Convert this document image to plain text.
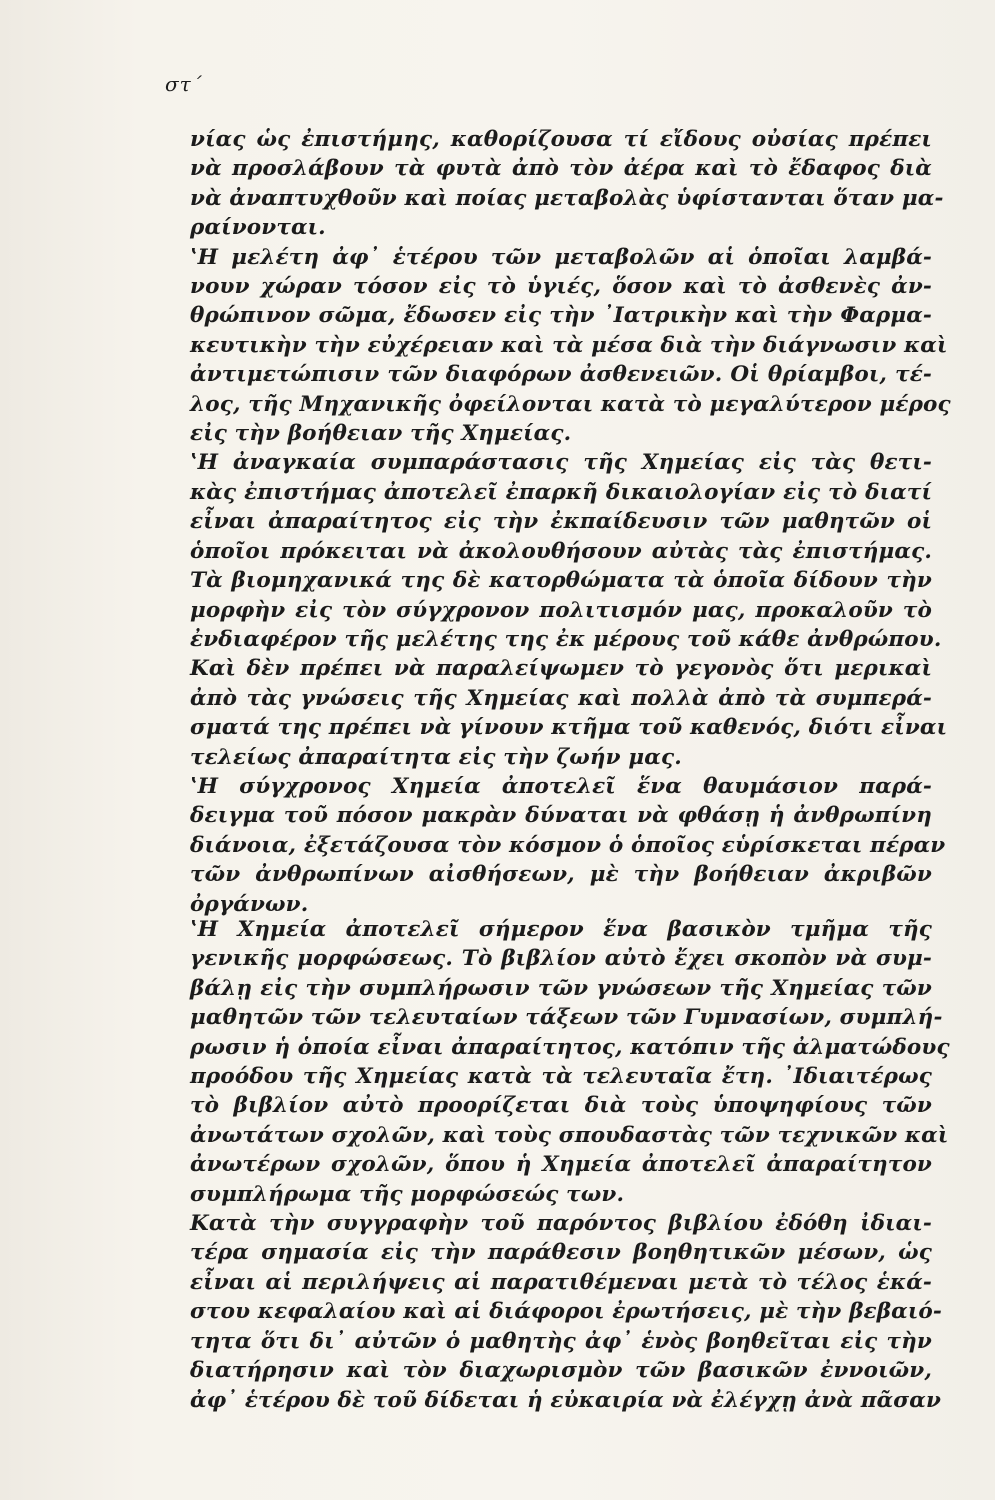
στ΄
νίας ὡς ἐπιστήμης, καθορίζουσα τί εἴδους οὐσίας πρέπει
νὰ προσλάβουν τὰ φυτὰ ἀπὸ τὸν ἀέρα καὶ τὸ ἔδαφος διὰ
νὰ ἀναπτυχθοῦν καὶ ποίας μεταβολὰς ὑφίστανται ὅταν μα-
ραίνονται.
ʽΗ μελέτη ἀφ᾽ ἑτέρου τῶν μεταβολῶν αἱ ὁποῖαι λαμβά-
νουν χώραν τόσον εἰς τὸ ὑγιές, ὅσον καὶ τὸ ἀσθενὲς ἀν-
θρώπινον σῶμα, ἔδωσεν εἰς τὴν ᾽Ιατρικὴν καὶ τὴν Φαρμα-
κευτικὴν τὴν εὐχέρειαν καὶ τὰ μέσα διὰ τὴν διάγνωσιν καὶ
ἀντιμετώπισιν τῶν διαφόρων ἀσθενειῶν. Οἱ θρίαμβοι, τέ-
λος, τῆς Μηχανικῆς ὀφείλονται κατὰ τὸ μεγαλύτερον μέρος
εἰς τὴν βοήθειαν τῆς Χημείας.
ʽΗ ἀναγκαία συμπαράστασις τῆς Χημείας εἰς τὰς θετι-
κὰς ἐπιστήμας ἀποτελεῖ ἐπαρκῆ δικαιολογίαν εἰς τὸ διατί
εἶναι ἀπαραίτητος εἰς τὴν ἐκπαίδευσιν τῶν μαθητῶν οἱ
ὁποῖοι πρόκειται νὰ ἀκολουθήσουν αὐτὰς τὰς ἐπιστήμας.
Τὰ βιομηχανικά της δὲ κατορθώματα τὰ ὁποῖα δίδουν τὴν
μορφὴν εἰς τὸν σύγχρονον πολιτισμόν μας, προκαλοῦν τὸ
ἐνδιαφέρον τῆς μελέτης της ἐκ μέρους τοῦ κάθε ἀνθρώπου.
Καὶ δὲν πρέπει νὰ παραλείψωμεν τὸ γεγονὸς ὅτι μερικαὶ
ἀπὸ τὰς γνώσεις τῆς Χημείας καὶ πολλὰ ἀπὸ τὰ συμπερά-
σματά της πρέπει νὰ γίνουν κτῆμα τοῦ καθενός, διότι εἶναι
τελείως ἀπαραίτητα εἰς τὴν ζωήν μας.
ʽΗ σύγχρονος Χημεία ἀποτελεῖ ἕνα θαυμάσιον παρά-
δειγμα τοῦ πόσον μακρὰν δύναται νὰ φθάσῃ ἡ ἀνθρωπίνη
διάνοια, ἐξετάζουσα τὸν κόσμον ὁ ὁποῖος εὑρίσκεται πέραν
τῶν ἀνθρωπίνων αἰσθήσεων, μὲ τὴν βοήθειαν ἀκριβῶν
ὀργάνων.
ʽΗ Χημεία ἀποτελεῖ σήμερον ἕνα βασικὸν τμῆμα τῆς
γενικῆς μορφώσεως. Τὸ βιβλίον αὐτὸ ἔχει σκοπὸν νὰ συμ-
βάλῃ εἰς τὴν συμπλήρωσιν τῶν γνώσεων τῆς Χημείας τῶν
μαθητῶν τῶν τελευταίων τάξεων τῶν Γυμνασίων, συμπλή-
ρωσιν ἡ ὁποία εἶναι ἀπαραίτητος, κατόπιν τῆς ἀλματώδους
προόδου τῆς Χημείας κατὰ τὰ τελευταῖα ἔτη. ᾽Ιδιαιτέρως
τὸ βιβλίον αὐτὸ προορίζεται διὰ τοὺς ὑποψηφίους τῶν
ἀνωτάτων σχολῶν, καὶ τοὺς σπουδαστὰς τῶν τεχνικῶν καὶ
ἀνωτέρων σχολῶν, ὅπου ἡ Χημεία ἀποτελεῖ ἀπαραίτητον
συμπλήρωμα τῆς μορφώσεώς των.
Κατὰ τὴν συγγραφὴν τοῦ παρόντος βιβλίου ἐδόθη ἰδιαι-
τέρα σημασία εἰς τὴν παράθεσιν βοηθητικῶν μέσων, ὡς
εἶναι αἱ περιλήψεις αἱ παρατιθέμεναι μετὰ τὸ τέλος ἑκά-
στου κεφαλαίου καὶ αἱ διάφοροι ἐρωτήσεις, μὲ τὴν βεβαιό-
τητα ὅτι δι᾽ αὐτῶν ὁ μαθητὴς ἀφ᾽ ἑνὸς βοηθεῖται εἰς τὴν
διατήρησιν καὶ τὸν διαχωρισμὸν τῶν βασικῶν ἐννοιῶν,
ἀφ᾽ ἑτέρου δὲ τοῦ δίδεται ἡ εὐκαιρία νὰ ἐλέγχῃ ἀνὰ πᾶσαν
